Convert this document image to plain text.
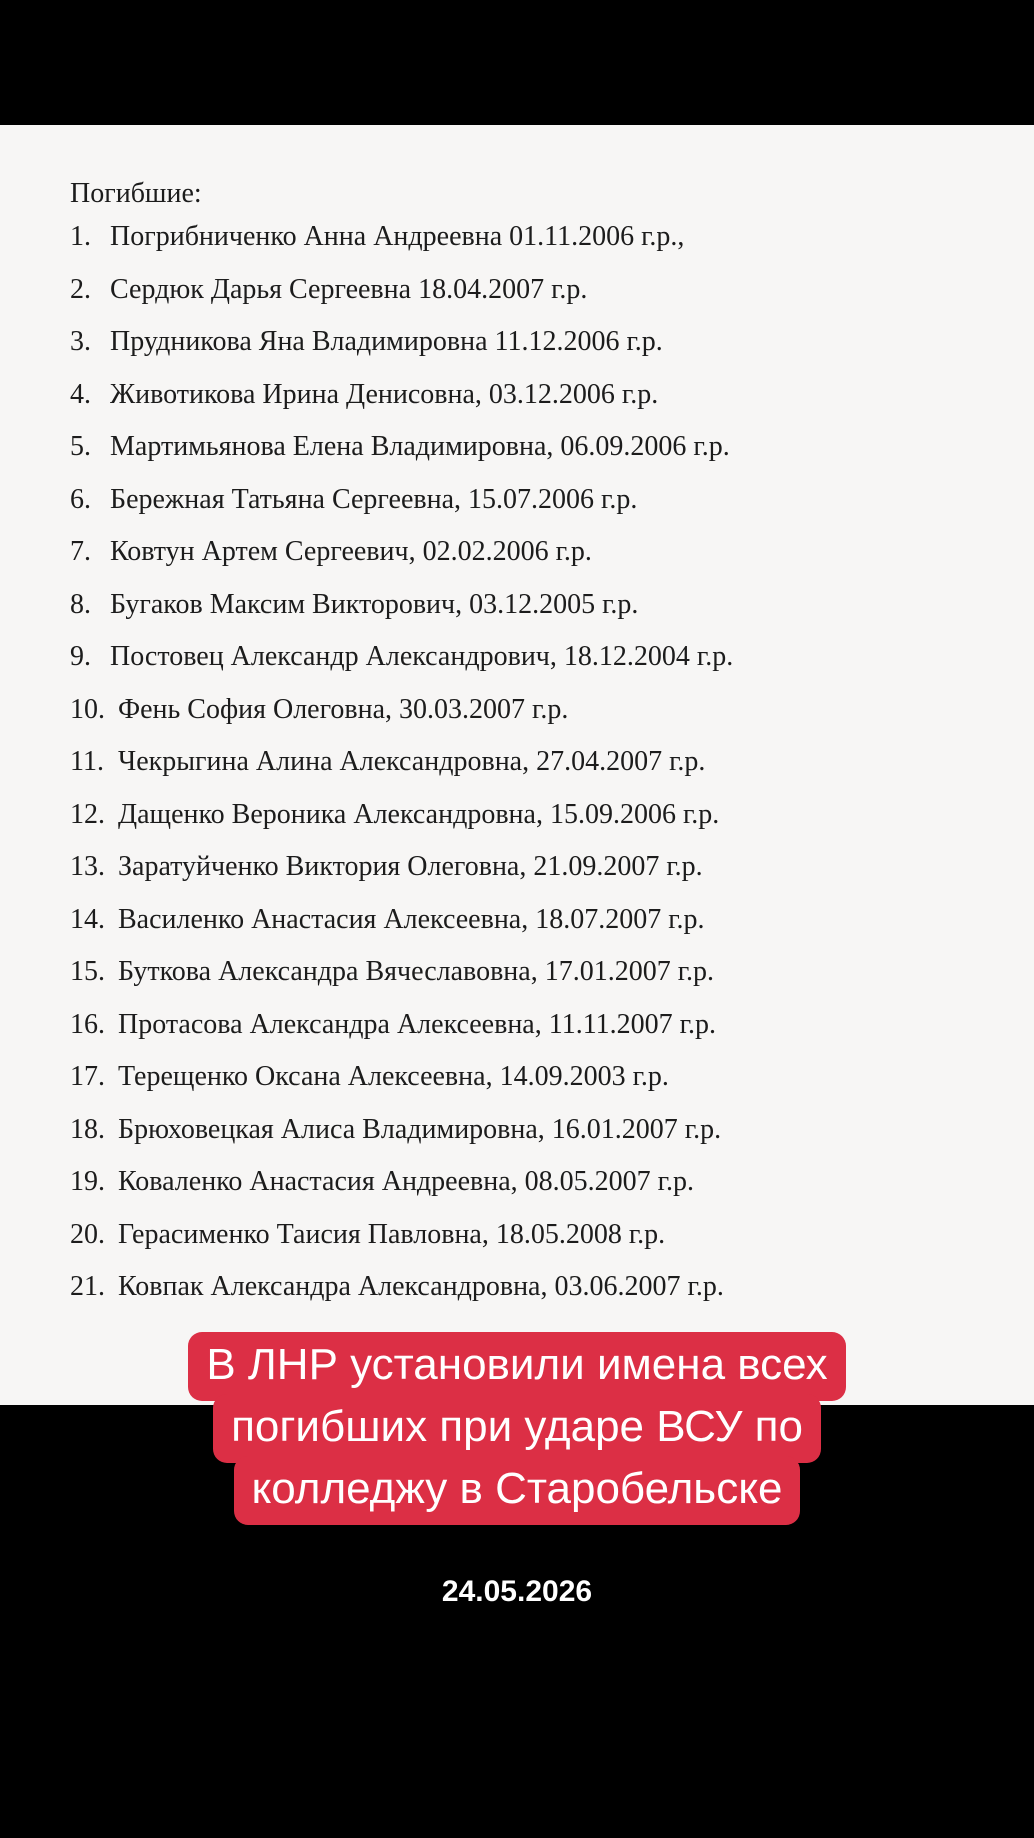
Погибшие:
1. Погрибниченко Анна Андреевна 01.11.2006 г.р.,
2. Сердюк Дарья Сергеевна 18.04.2007 г.р.
3. Прудникова Яна Владимировна 11.12.2006 г.р.
4. Животикова Ирина Денисовна, 03.12.2006 г.р.
5. Мартимьянова Елена Владимировна, 06.09.2006 г.р.
6. Бережная Татьяна Сергеевна, 15.07.2006 г.р.
7. Ковтун Артем Сергеевич, 02.02.2006 г.р.
8. Бугаков Максим Викторович, 03.12.2005 г.р.
9. Постовец Александр Александрович, 18.12.2004 г.р.
10. Фень София Олеговна, 30.03.2007 г.р.
11. Чекрыгина Алина Александровна, 27.04.2007 г.р.
12. Дащенко Вероника Александровна, 15.09.2006 г.р.
13. Заратуйченко Виктория Олеговна, 21.09.2007 г.р.
14. Василенко Анастасия Алексеевна, 18.07.2007 г.р.
15. Буткова Александра Вячеславовна, 17.01.2007 г.р.
16. Протасова Александра Алексеевна, 11.11.2007 г.р.
17. Терещенко Оксана Алексеевна, 14.09.2003 г.р.
18. Брюховецкая Алиса Владимировна, 16.01.2007 г.р.
19. Коваленко Анастасия Андреевна, 08.05.2007 г.р.
20. Герасименко Таисия Павловна, 18.05.2008 г.р.
21. Ковпак Александра Александровна, 03.06.2007 г.р.
В ЛНР установили имена всех
погибших при ударе ВСУ по
колледжу в Старобельске
24.05.2026
